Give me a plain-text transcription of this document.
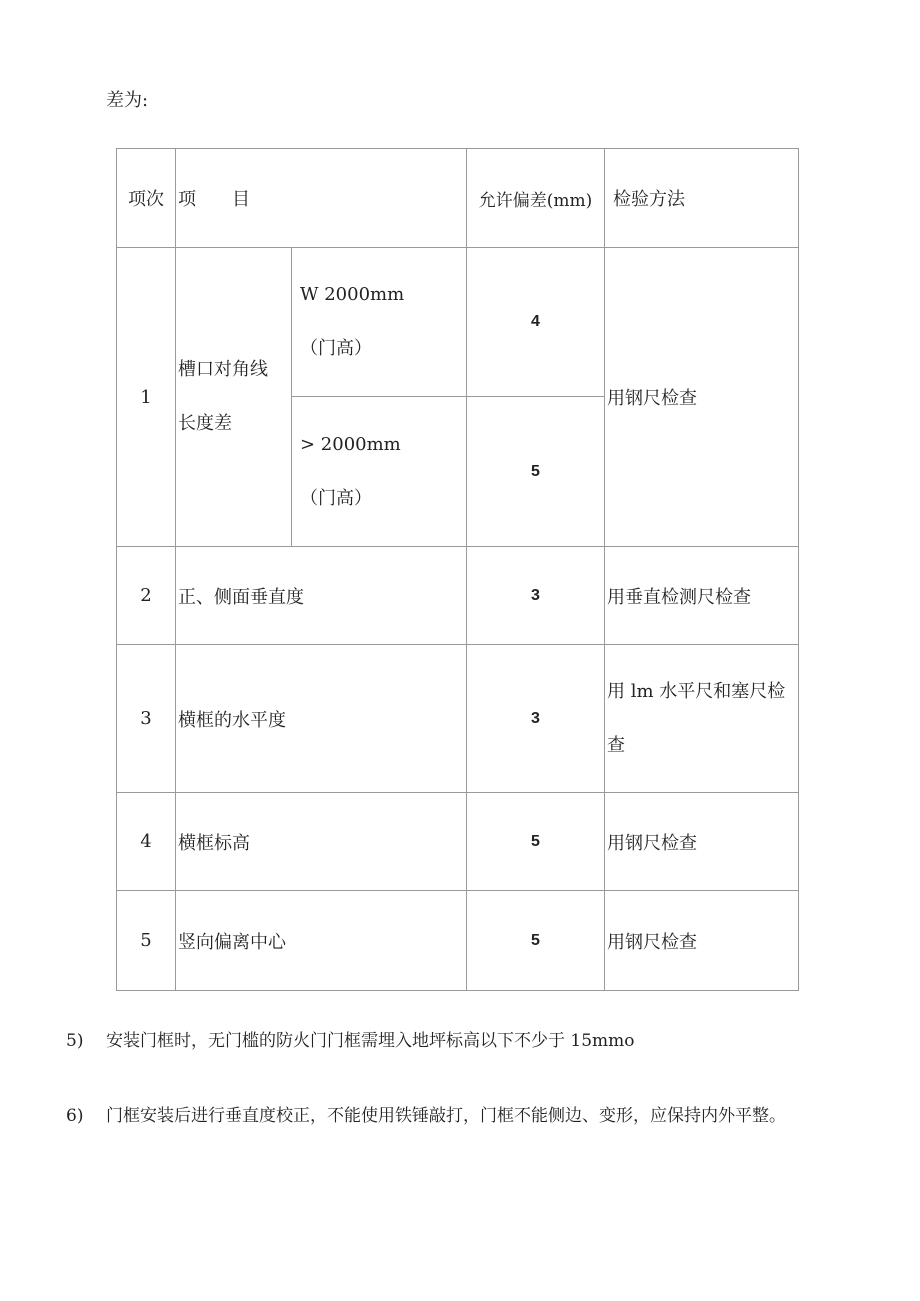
差为:
项次	项　　目		允许偏差(mm)	检验方法
1	槽口对角线长度差	W 2000mm（门高）	4	用钢尺检查
		> 2000mm（门高）	5	
2	正、侧面垂直度		3	用垂直检测尺检查
3	横框的水平度		3	用 lm 水平尺和塞尺检查
4	横框标高		5	用钢尺检查
5	竖向偏离中心		5	用钢尺检查
5)	安装门框时，无门槛的防火门门框需埋入地坪标高以下不少于 15mmo
6)	门框安装后进行垂直度校正，不能使用铁锤敲打，门框不能侧边、变形，应保持内外平整。
